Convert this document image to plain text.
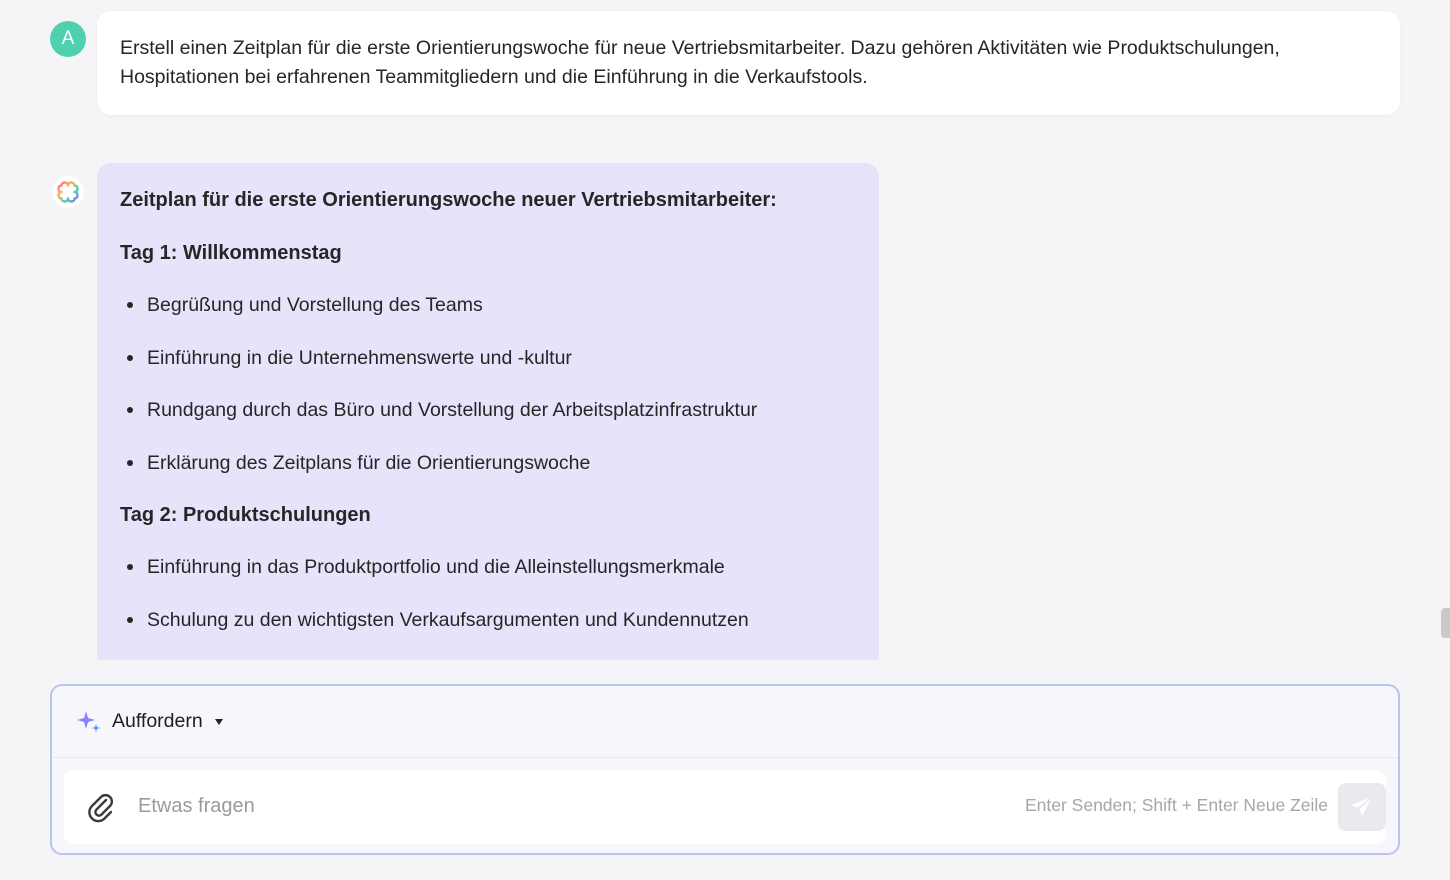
A	Erstell einen Zeitplan für die erste Orientierungswoche für neue Vertriebsmitarbeiter. Dazu gehören Aktivitäten wie Produktschulungen, Hospitationen bei erfahrenen Teammitgliedern und die Einführung in die Verkaufstools.

Zeitplan für die erste Orientierungswoche neuer Vertriebsmitarbeiter:

Tag 1: Willkommenstag

Begrüßung und Vorstellung des Teams
Einführung in die Unternehmenswerte und -kultur
Rundgang durch das Büro und Vorstellung der Arbeitsplatzinfrastruktur
Erklärung des Zeitplans für die Orientierungswoche

Tag 2: Produktschulungen

Einführung in das Produktportfolio und die Alleinstellungsmerkmale
Schulung zu den wichtigsten Verkaufsargumenten und Kundennutzen
Auffordern
Etwas fragen
Enter Senden; Shift + Enter Neue Zeile
